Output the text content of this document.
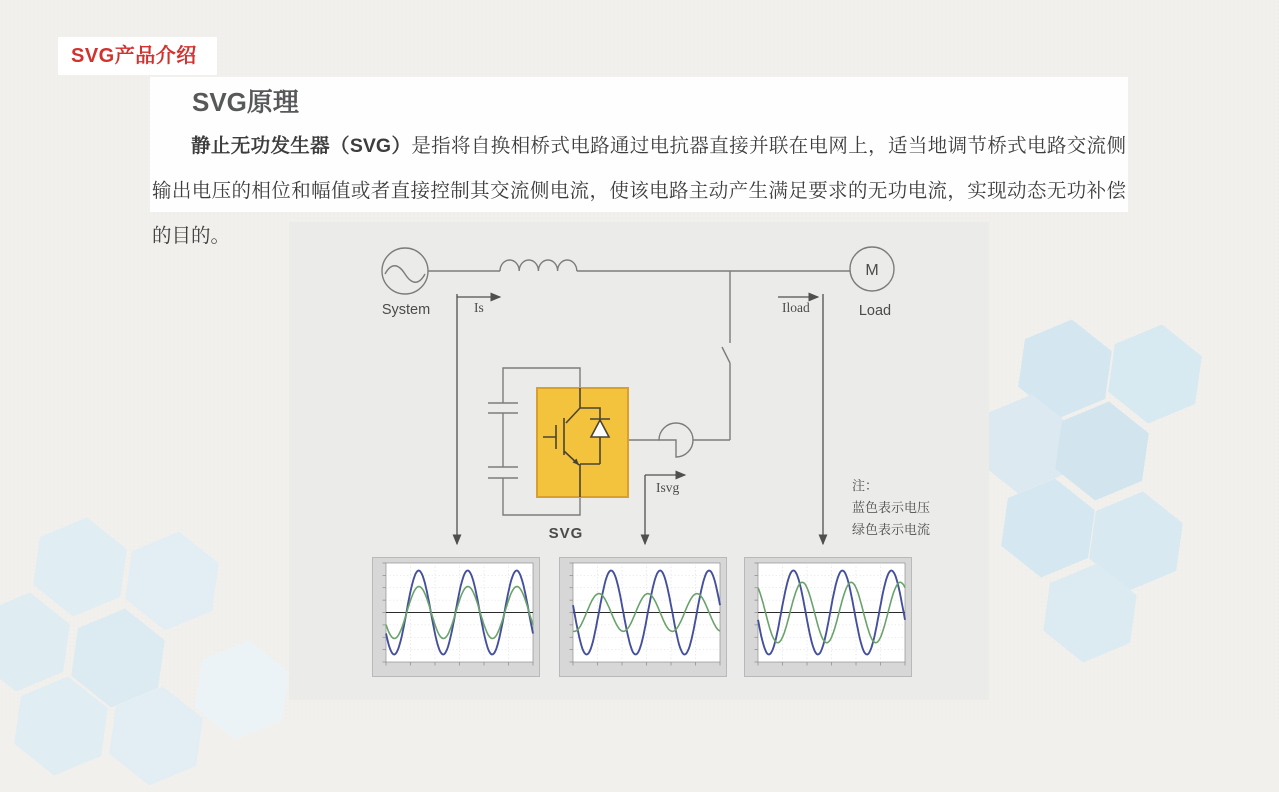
SVG产品介绍
SVG原理
静止无功发生器（SVG）是指将自换相桥式电路通过电抗器直接并联在电网上，适当地调节桥式电路交流侧输出电压的相位和幅值或者直接控制其交流侧电流，使该电路主动产生满足要求的无功电流，实现动态无功补偿的目的。
System
M
Load
Is	Iload
Isvg
SVG
注：
蓝色表示电压
绿色表示电流
